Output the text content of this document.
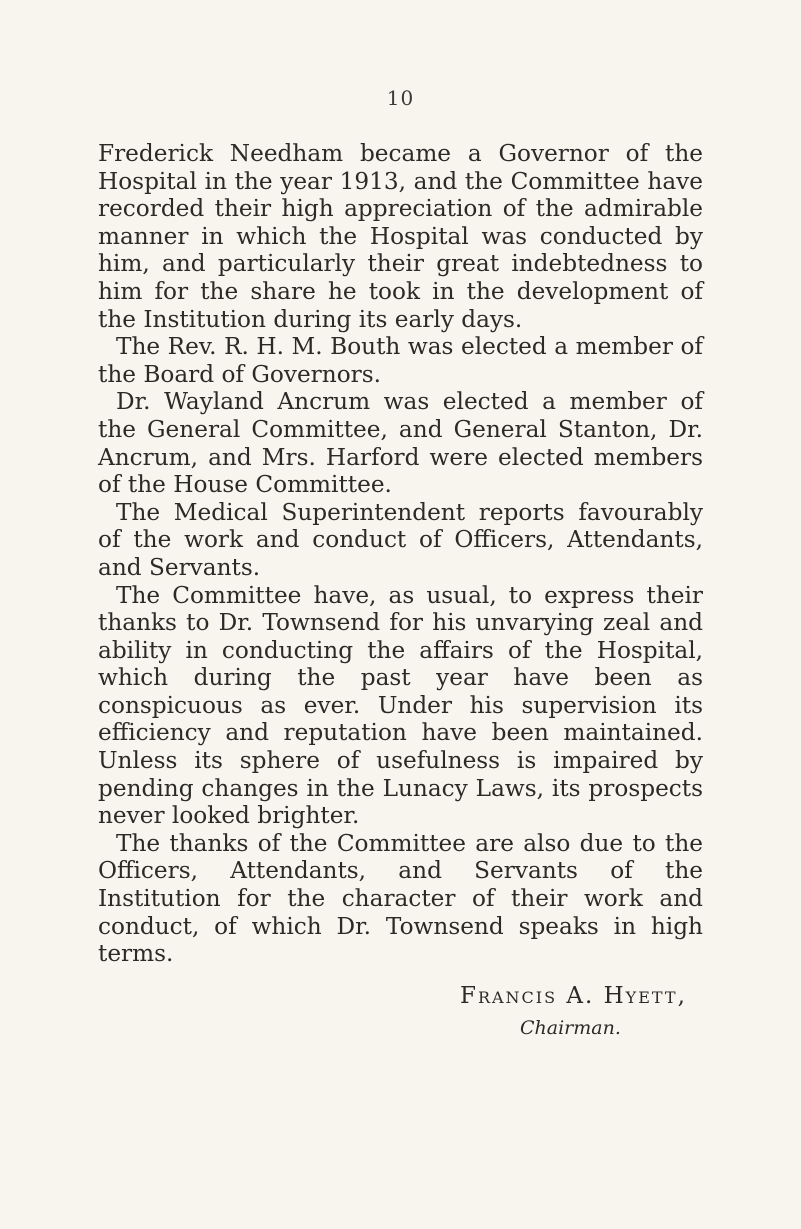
10

Frederick Needham became a Governor of the Hospital in the year 1913, and the Committee have recorded their high appreciation of the admirable manner in which the Hospital was conducted by him, and particularly their great indebtedness to him for the share he took in the development of the Institution during its early days.

The Rev. R. H. M. Bouth was elected a member of the Board of Governors.

Dr. Wayland Ancrum was elected a member of the General Committee, and General Stanton, Dr. Ancrum, and Mrs. Harford were elected members of the House Committee.

The Medical Superintendent reports favourably of the work and conduct of Officers, Attendants, and Servants.

The Committee have, as usual, to express their thanks to Dr. Townsend for his unvarying zeal and ability in conducting the affairs of the Hospital, which during the past year have been as conspicuous as ever. Under his supervision its efficiency and reputation have been maintained. Unless its sphere of usefulness is impaired by pending changes in the Lunacy Laws, its prospects never looked brighter.

The thanks of the Committee are also due to the Officers, Attendants, and Servants of the Institution for the character of their work and conduct, of which Dr. Townsend speaks in high terms.

Francis A. Hyett,
Chairman.
